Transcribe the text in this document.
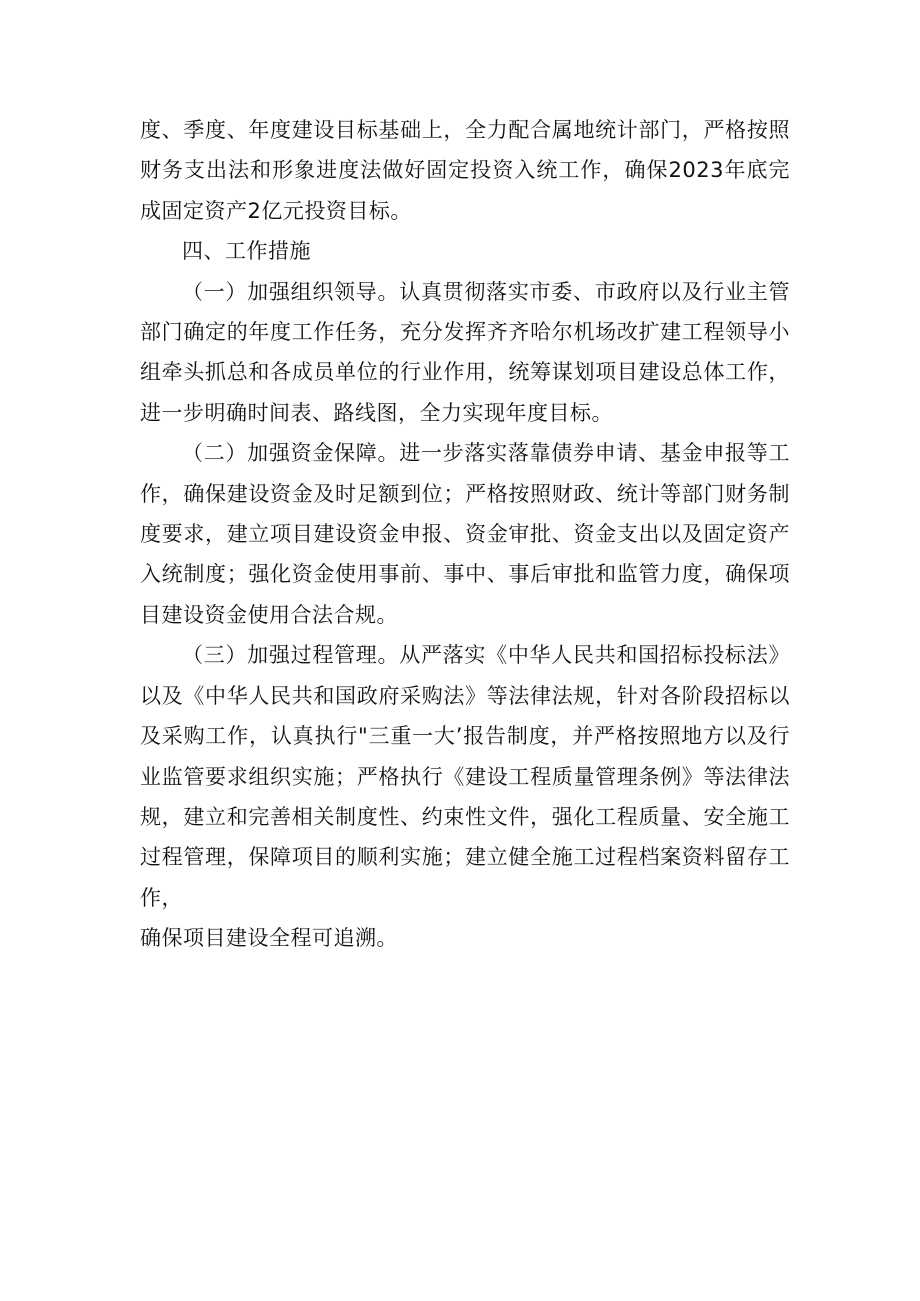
度、季度、年度建设目标基础上，全力配合属地统计部门，严格按照财务支出法和形象进度法做好固定投资入统工作，确保2023年底完成固定资产2亿元投资目标。

四、工作措施

（一）加强组织领导。认真贯彻落实市委、市政府以及行业主管部门确定的年度工作任务，充分发挥齐齐哈尔机场改扩建工程领导小组牵头抓总和各成员单位的行业作用，统筹谋划项目建设总体工作，进一步明确时间表、路线图，全力实现年度目标。

（二）加强资金保障。进一步落实落靠债券申请、基金申报等工作，确保建设资金及时足额到位；严格按照财政、统计等部门财务制度要求，建立项目建设资金申报、资金审批、资金支出以及固定资产入统制度；强化资金使用事前、事中、事后审批和监管力度，确保项目建设资金使用合法合规。

（三）加强过程管理。从严落实《中华人民共和国招标投标法》以及《中华人民共和国政府采购法》等法律法规，针对各阶段招标以及采购工作，认真执行"三重一大’报告制度，并严格按照地方以及行业监管要求组织实施；严格执行《建设工程质量管理条例》等法律法规，建立和完善相关制度性、约束性文件，强化工程质量、安全施工过程管理，保障项目的顺利实施；建立健全施工过程档案资料留存工作，

确保项目建设全程可追溯。
